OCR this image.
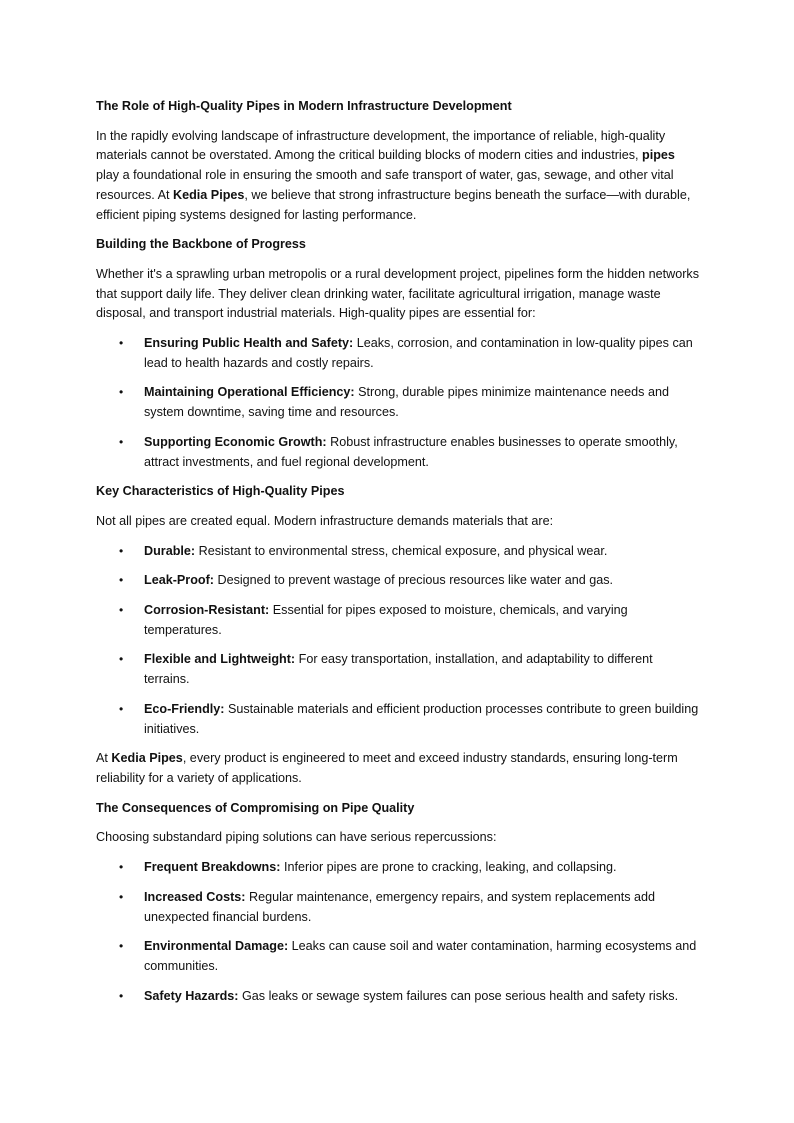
The Role of High-Quality Pipes in Modern Infrastructure Development
In the rapidly evolving landscape of infrastructure development, the importance of reliable, high-quality materials cannot be overstated. Among the critical building blocks of modern cities and industries, pipes play a foundational role in ensuring the smooth and safe transport of water, gas, sewage, and other vital resources. At Kedia Pipes, we believe that strong infrastructure begins beneath the surface—with durable, efficient piping systems designed for lasting performance.
Building the Backbone of Progress
Whether it's a sprawling urban metropolis or a rural development project, pipelines form the hidden networks that support daily life. They deliver clean drinking water, facilitate agricultural irrigation, manage waste disposal, and transport industrial materials. High-quality pipes are essential for:
• Ensuring Public Health and Safety: Leaks, corrosion, and contamination in low-quality pipes can lead to health hazards and costly repairs.
• Maintaining Operational Efficiency: Strong, durable pipes minimize maintenance needs and system downtime, saving time and resources.
• Supporting Economic Growth: Robust infrastructure enables businesses to operate smoothly, attract investments, and fuel regional development.
Key Characteristics of High-Quality Pipes
Not all pipes are created equal. Modern infrastructure demands materials that are:
• Durable: Resistant to environmental stress, chemical exposure, and physical wear.
• Leak-Proof: Designed to prevent wastage of precious resources like water and gas.
• Corrosion-Resistant: Essential for pipes exposed to moisture, chemicals, and varying temperatures.
• Flexible and Lightweight: For easy transportation, installation, and adaptability to different terrains.
• Eco-Friendly: Sustainable materials and efficient production processes contribute to green building initiatives.
At Kedia Pipes, every product is engineered to meet and exceed industry standards, ensuring long-term reliability for a variety of applications.
The Consequences of Compromising on Pipe Quality
Choosing substandard piping solutions can have serious repercussions:
• Frequent Breakdowns: Inferior pipes are prone to cracking, leaking, and collapsing.
• Increased Costs: Regular maintenance, emergency repairs, and system replacements add unexpected financial burdens.
• Environmental Damage: Leaks can cause soil and water contamination, harming ecosystems and communities.
• Safety Hazards: Gas leaks or sewage system failures can pose serious health and safety risks.
